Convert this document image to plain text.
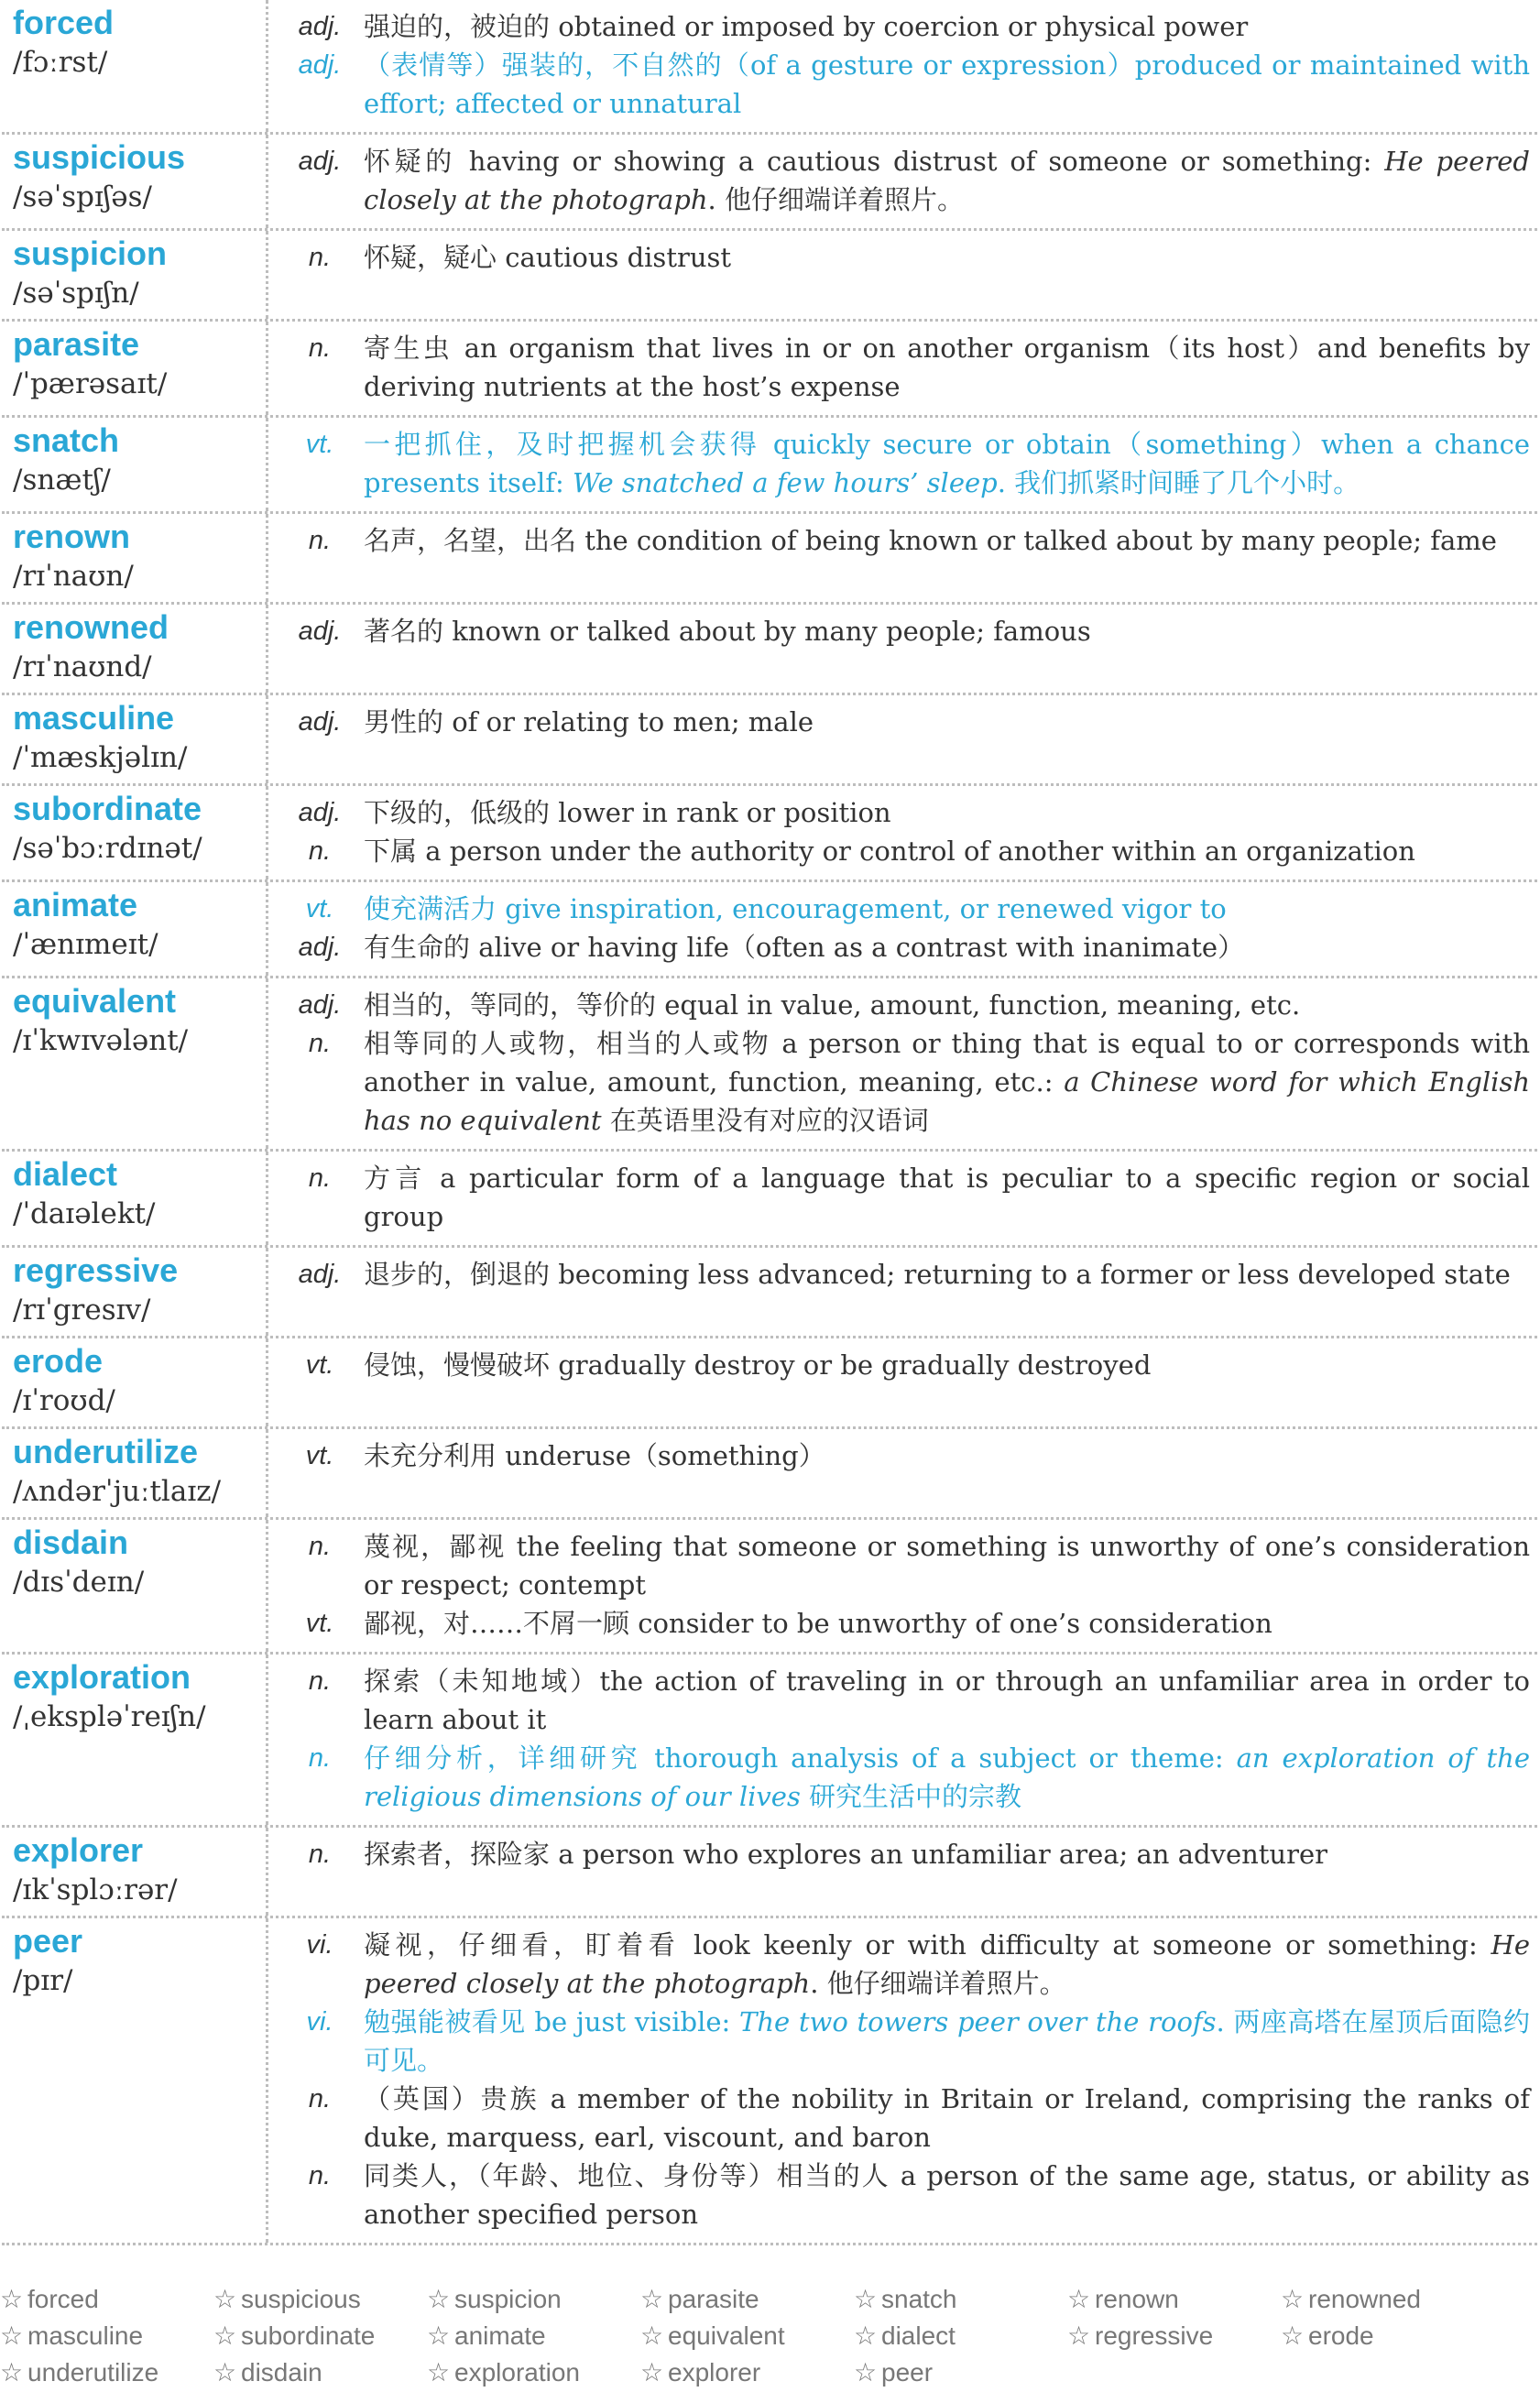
forced
/fɔːrst/
adj. 强迫的，被迫的 obtained or imposed by coercion or physical power
adj. （表情等）强装的，不自然的（of a gesture or expression）produced or maintained with effort; affected or unnatural
suspicious
/səˈspɪʃəs/
adj. 怀疑的 having or showing a cautious distrust of someone or something: He peered closely at the photograph. 他仔细端详着照片。
suspicion
/səˈspɪʃn/
n.	怀疑，疑心 cautious distrust
parasite
/ˈpærəsaɪt/
n.	寄生虫 an organism that lives in or on another organism（its host）and benefits by deriving nutrients at the host’s expense
snatch
/snætʃ/
vt.	一把抓住，及时把握机会获得 quickly secure or obtain（something）when a chance presents itself: We snatched a few hours’ sleep. 我们抓紧时间睡了几个小时。
renown
/rɪˈnaʊn/
n.	名声，名望，出名 the condition of being known or talked about by many people; fame
renowned
/rɪˈnaʊnd/
adj. 著名的 known or talked about by many people; famous
masculine
/ˈmæskjəlɪn/
adj. 男性的 of or relating to men; male
subordinate
/səˈbɔːrdɪnət/
adj. 下级的，低级的 lower in rank or position
n.	下属 a person under the authority or control of another within an organization
animate
/ˈænɪmeɪt/
vt.	使充满活力 give inspiration, encouragement, or renewed vigor to
adj. 有生命的 alive or having life（often as a contrast with inanimate）
equivalent
/ɪˈkwɪvələnt/
adj. 相当的，等同的，等价的 equal in value, amount, function, meaning, etc.
n.	相等同的人或物，相当的人或物 a person or thing that is equal to or corresponds with another in value, amount, function, meaning, etc.: a Chinese word for which English has no equivalent 在英语里没有对应的汉语词
dialect
/ˈdaɪəlekt/
n.	方言 a particular form of a language that is peculiar to a specific region or social group
regressive
/rɪˈgresɪv/
adj. 退步的，倒退的 becoming less advanced; returning to a former or less developed state
erode
/ɪˈroʊd/
vt.	侵蚀，慢慢破坏 gradually destroy or be gradually destroyed
underutilize
/ʌndərˈjuːtlaɪz/
vt.	未充分利用 underuse（something）
disdain
/dɪsˈdeɪn/
n.	蔑视，鄙视 the feeling that someone or something is unworthy of one’s consideration or respect; contempt
vt.	鄙视，对……不屑一顾 consider to be unworthy of one’s consideration
exploration
/ˌekspləˈreɪʃn/
n.	探索（未知地域）the action of traveling in or through an unfamiliar area in order to learn about it
n.	仔细分析，详细研究 thorough analysis of a subject or theme: an exploration of the religious dimensions of our lives 研究生活中的宗教
explorer
/ɪkˈsplɔːrər/
n.	探索者，探险家 a person who explores an unfamiliar area; an adventurer
peer
/pɪr/
vi.	凝视，仔细看，盯着看 look keenly or with difficulty at someone or something: He peered closely at the photograph. 他仔细端详着照片。
vi.	勉强能被看见 be just visible: The two towers peer over the roofs. 两座高塔在屋顶后面隐约可见。
n.	（英国）贵族 a member of the nobility in Britain or Ireland, comprising the ranks of duke, marquess, earl, viscount, and baron
n.	同类人，（年龄、地位、身份等）相当的人 a person of the same age, status, or ability as another specified person
☆ forced	☆ suspicious	☆ suspicion	☆ parasite	☆ snatch	☆ renown	☆ renowned
☆ masculine	☆ subordinate	☆ animate	☆ equivalent	☆ dialect	☆ regressive	☆ erode
☆ underutilize	☆ disdain	☆ exploration	☆ explorer	☆ peer
